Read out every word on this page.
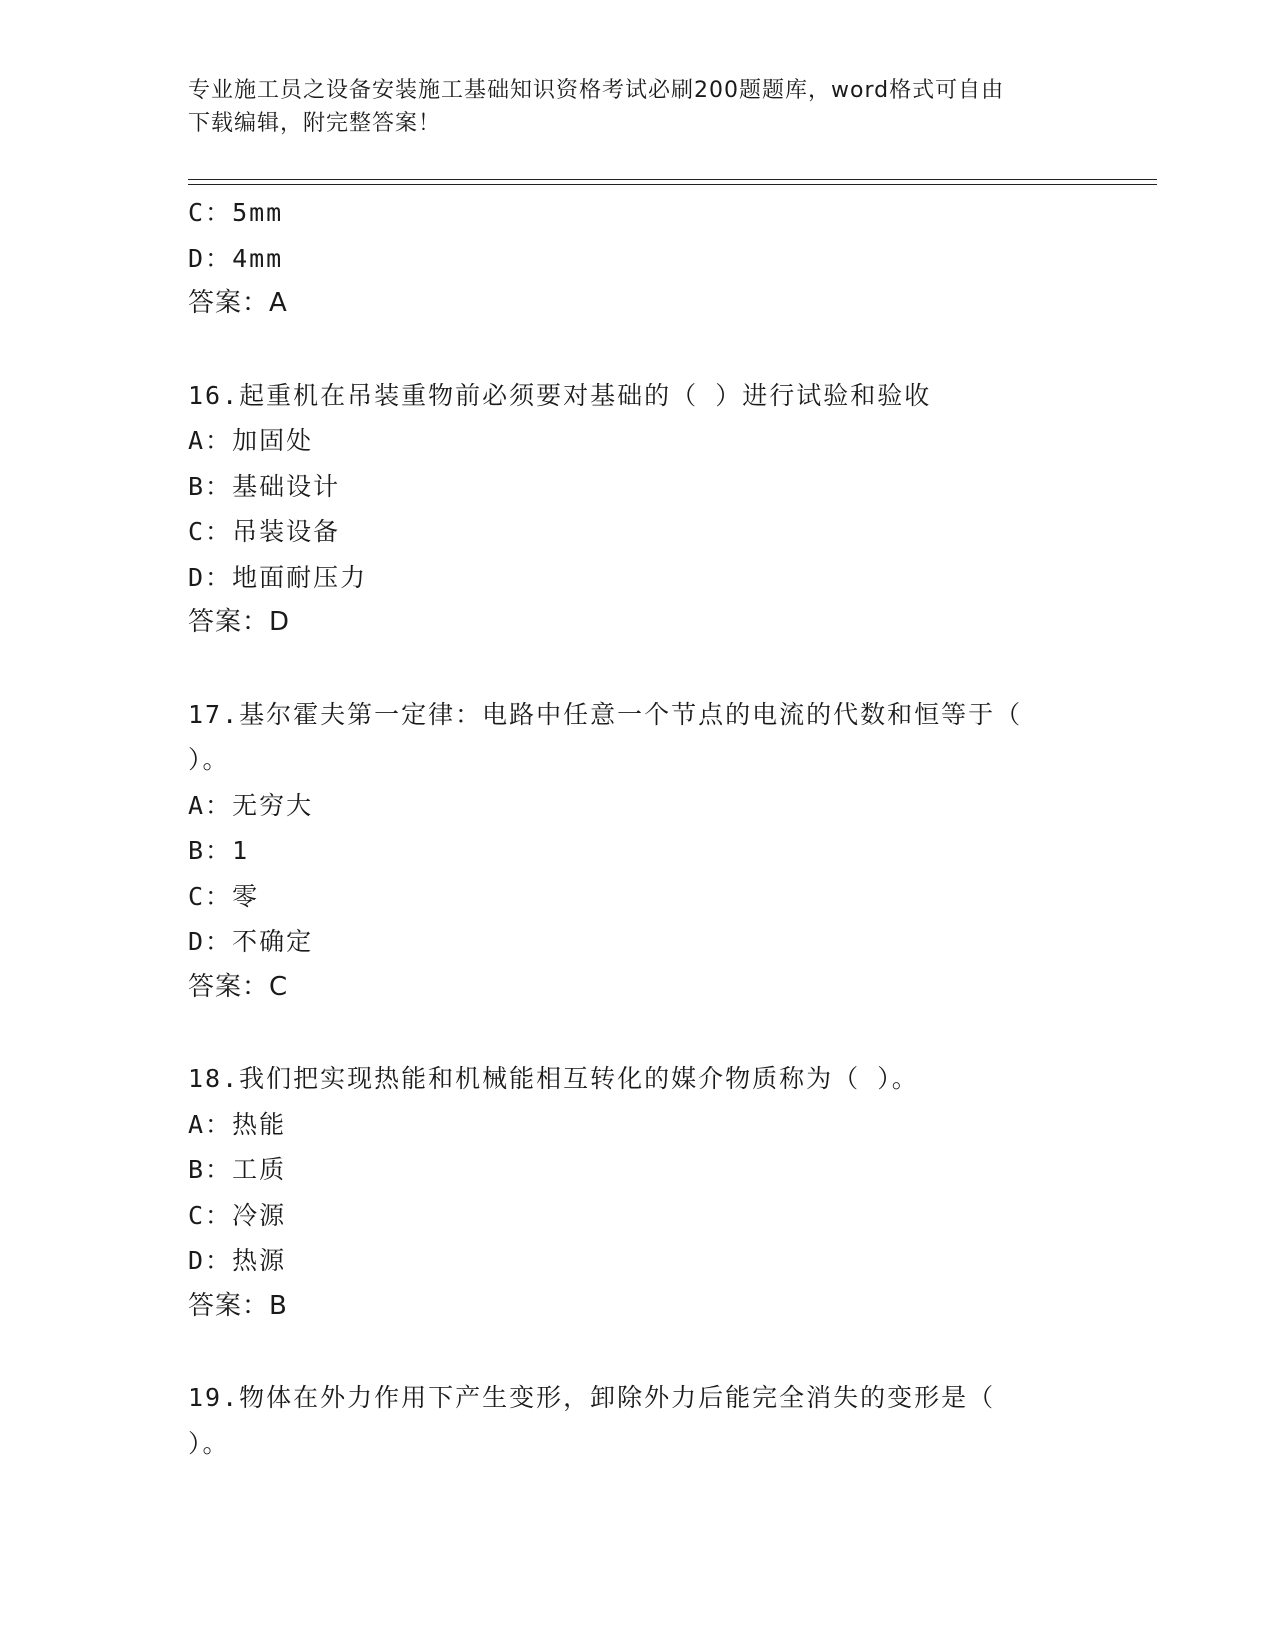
专业施工员之设备安装施工基础知识资格考试必刷200题题库，word格式可自由
下载编辑，附完整答案！
C：5mm
D：4mm
答案：A
16.起重机在吊装重物前必须要对基础的（ ）进行试验和验收
A：加固处
B：基础设计
C：吊装设备
D：地面耐压力
答案：D
17.基尔霍夫第一定律：电路中任意一个节点的电流的代数和恒等于（
）。
A：无穷大
B：1
C：零
D：不确定
答案：C
18.我们把实现热能和机械能相互转化的媒介物质称为（ ）。
A：热能
B：工质
C：冷源
D：热源
答案：B
19.物体在外力作用下产生变形，卸除外力后能完全消失的变形是（
）。
